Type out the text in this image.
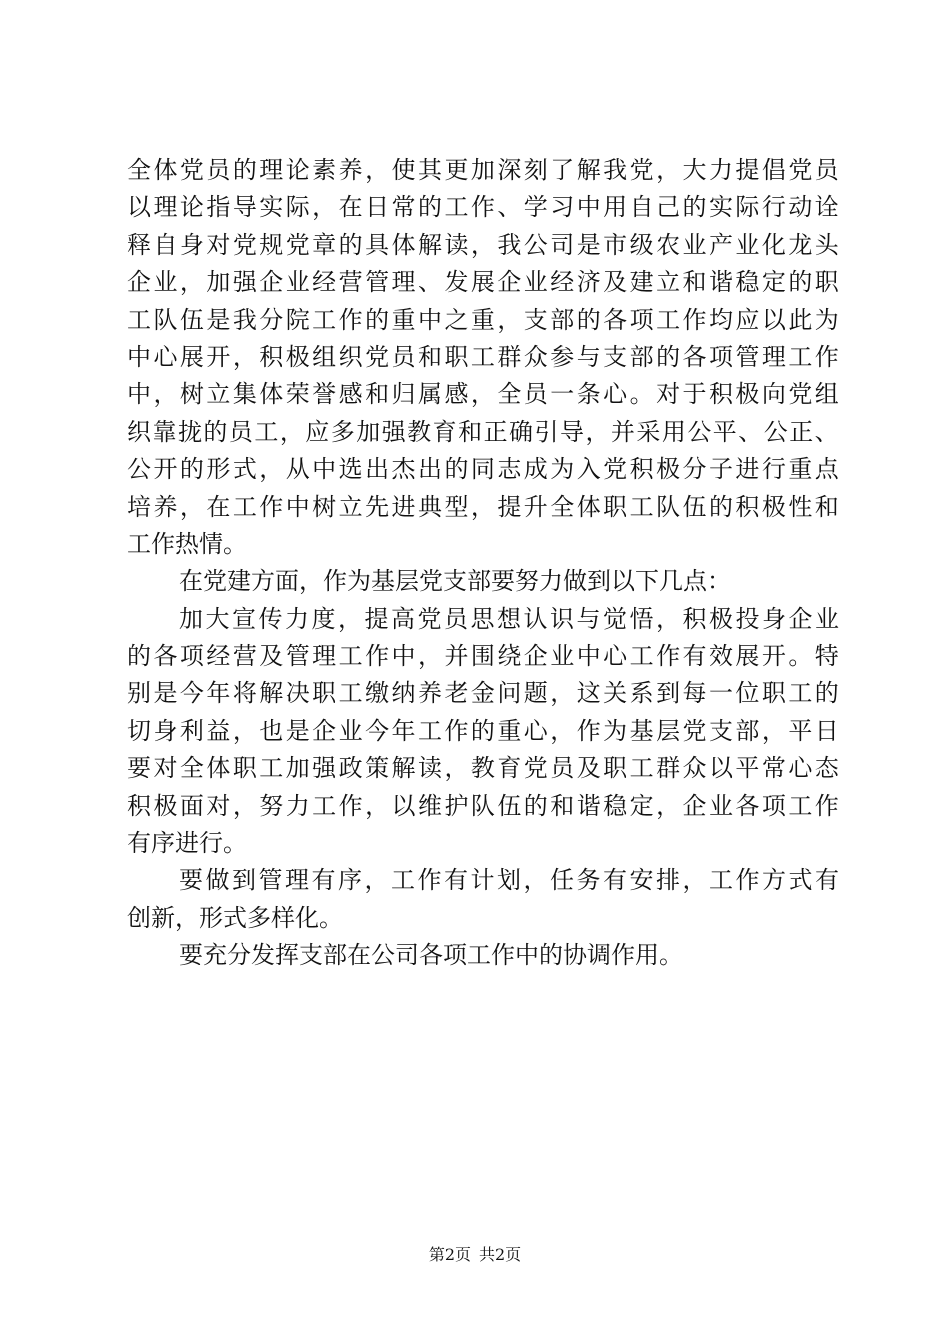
全 体 党 员 的 理 论 素 养 ， 使 其 更 加 深 刻 了 解 我 党 ， 大 力 提 倡 党 员
以 理 论 指 导 实 际 ， 在 日 常 的 工 作 、 学 习 中 用 自 己 的 实 际 行 动 诠
释 自 身 对 党 规 党 章 的 具 体 解 读 ， 我 公 司 是 市 级 农 业 产 业 化 龙 头
企 业 ， 加 强 企 业 经 营 管 理 、 发 展 企 业 经 济 及 建 立 和 谐 稳 定 的 职
工 队 伍 是 我 分 院 工 作 的 重 中 之 重 ， 支 部 的 各 项 工 作 均 应 以 此 为
中 心 展 开 ， 积 极 组 织 党 员 和 职 工 群 众 参 与 支 部 的 各 项 管 理 工 作
中 ， 树 立 集 体 荣 誉 感 和 归 属 感 ， 全 员 一 条 心 。 对 于 积 极 向 党 组
织 靠 拢 的 员 工 ， 应 多 加 强 教 育 和 正 确 引 导 ， 并 采 用 公 平 、 公 正 、
公 开 的 形 式 ， 从 中 选 出 杰 出 的 同 志 成 为 入 党 积 极 分 子 进 行 重 点
培 养 ， 在 工 作 中 树 立 先 进 典 型 ， 提 升 全 体 职 工 队 伍 的 积 极 性 和
工作热情。
在党建方面，作为基层党支部要努力做到以下几点：
加 大 宣 传 力 度 ， 提 高 党 员 思 想 认 识 与 觉 悟 ， 积 极 投 身 企 业
的 各 项 经 营 及 管 理 工 作 中 ， 并 围 绕 企 业 中 心 工 作 有 效 展 开 。 特
别 是 今 年 将 解 决 职 工 缴 纳 养 老 金 问 题 ， 这 关 系 到 每 一 位 职 工 的
切 身 利 益 ， 也 是 企 业 今 年 工 作 的 重 心 ， 作 为 基 层 党 支 部 ， 平 日
要 对 全 体 职 工 加 强 政 策 解 读 ， 教 育 党 员 及 职 工 群 众 以 平 常 心 态
积 极 面 对 ， 努 力 工 作 ， 以 维 护 队 伍 的 和 谐 稳 定 ， 企 业 各 项 工 作
有序进行。
要 做 到 管 理 有 序 ， 工 作 有 计 划 ， 任 务 有 安 排 ， 工 作 方 式 有
创新，形式多样化。
要充分发挥支部在公司各项工作中的协调作用。
第2页 共2页
